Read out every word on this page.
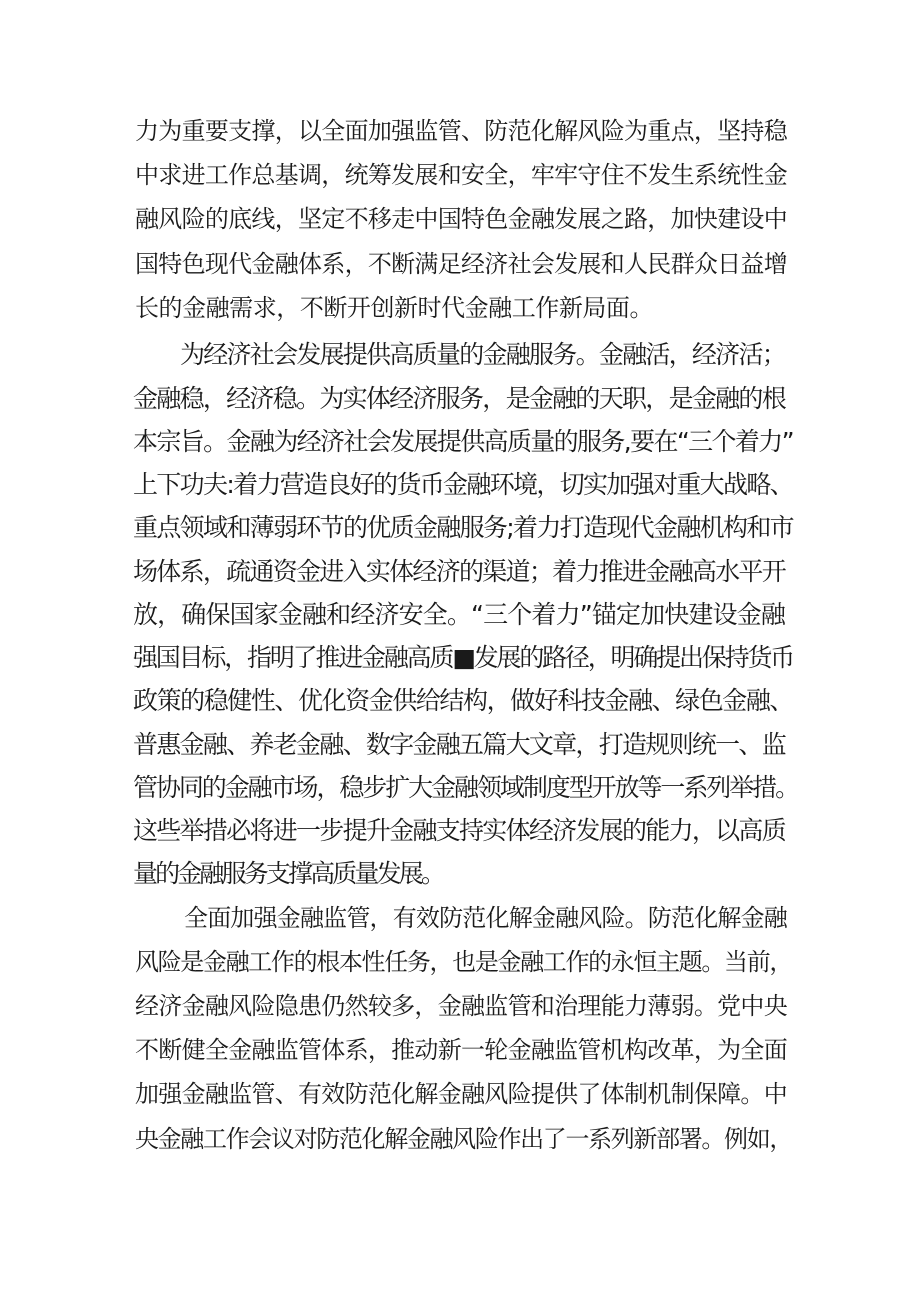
力为重要支撑，以全面加强监管、防范化解风险为重点，坚持稳

中求进工作总基调，统筹发展和安全，牢牢守住不发生系统性金

融风险的底线，坚定不移走中国特色金融发展之路，加快建设中

国特色现代金融体系，不断满足经济社会发展和人民群众日益增

长的金融需求，不断开创新时代金融工作新局面。

为经济社会发展提供高质量的金融服务。金融活，经济活；

金融稳，经济稳。为实体经济服务，是金融的天职，是金融的根

本宗旨。金融为经济社会发展提供高质量的服务,要在“三个着力”

上下功夫:着力营造良好的货币金融环境，切实加强对重大战略、

重点领域和薄弱环节的优质金融服务;着力打造现代金融机构和市

场体系，疏通资金进入实体经济的渠道；着力推进金融高水平开

放，确保国家金融和经济安全。“三个着力”锚定加快建设金融

强国目标，指明了推进金融高质■发展的路径，明确提出保持货币

政策的稳健性、优化资金供给结构，做好科技金融、绿色金融、

普惠金融、养老金融、数字金融五篇大文章，打造规则统一、监

管协同的金融市场，稳步扩大金融领域制度型开放等一系列举措。

这些举措必将进一步提升金融支持实体经济发展的能力，以高质

量的金融服务支撑高质量发展。

全面加强金融监管，有效防范化解金融风险。防范化解金融

风险是金融工作的根本性任务，也是金融工作的永恒主题。当前，

经济金融风险隐患仍然较多，金融监管和治理能力薄弱。党中央

不断健全金融监管体系，推动新一轮金融监管机构改革，为全面

加强金融监管、有效防范化解金融风险提供了体制机制保障。中

央金融工作会议对防范化解金融风险作出了一系列新部署。例如，
